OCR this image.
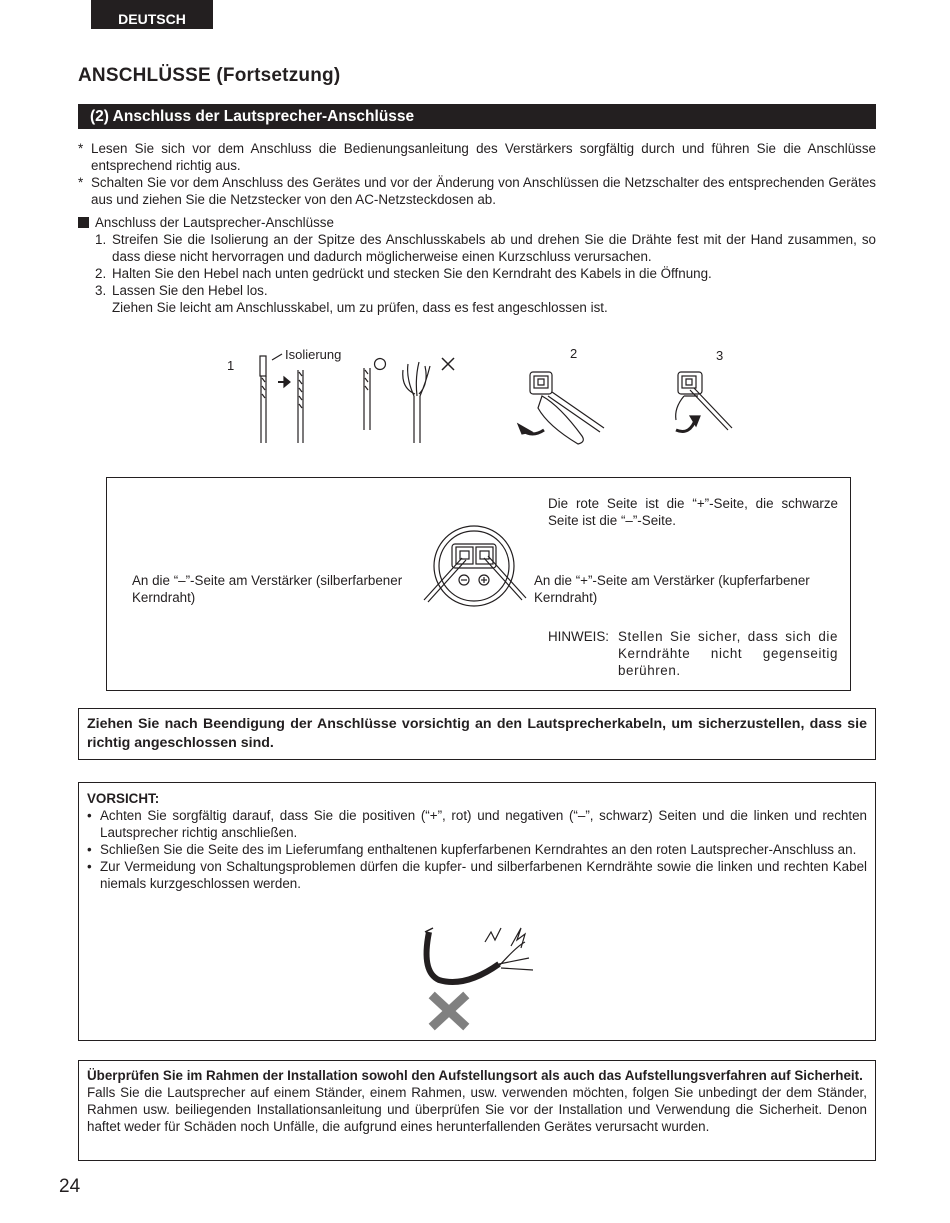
DEUTSCH
ANSCHLÜSSE (Fortsetzung)
(2) Anschluss der Lautsprecher-Anschlüsse
* Lesen Sie sich vor dem Anschluss die Bedienungsanleitung des Verstärkers sorgfältig durch und führen Sie die Anschlüsse entsprechend richtig aus.
* Schalten Sie vor dem Anschluss des Gerätes und vor der Änderung von Anschlüssen die Netzschalter des entsprechenden Gerätes aus und ziehen Sie die Netzstecker von den AC-Netzsteckdosen ab.
Anschluss der Lautsprecher-Anschlüsse
1. Streifen Sie die Isolierung an der Spitze des Anschlusskabels ab und drehen Sie die Drähte fest mit der Hand zusammen, so dass diese nicht hervorragen und dadurch möglicherweise einen Kurzschluss verursachen.
2. Halten Sie den Hebel nach unten gedrückt und stecken Sie den Kerndraht des Kabels in die Öffnung.
3. Lassen Sie den Hebel los.
Ziehen Sie leicht am Anschlusskabel, um zu prüfen, dass es fest angeschlossen ist.
1
Isolierung	2	3
Die rote Seite ist die “+”-Seite, die schwarze Seite ist die “–”-Seite.
An die “–”-Seite am Verstärker (silberfarbener Kerndraht)
An die “+”-Seite am Verstärker (kupferfarbener Kerndraht)
HINWEIS: Stellen Sie sicher, dass sich die Kerndrähte nicht gegenseitig berühren.
Ziehen Sie nach Beendigung der Anschlüsse vorsichtig an den Lautsprecherkabeln, um sicherzustellen, dass sie richtig angeschlossen sind.
VORSICHT:
• Achten Sie sorgfältig darauf, dass Sie die positiven (“+”, rot) und negativen (“–”, schwarz) Seiten und die linken und rechten Lautsprecher richtig anschließen.
• Schließen Sie die Seite des im Lieferumfang enthaltenen kupferfarbenen Kerndrahtes an den roten Lautsprecher-Anschluss an.
• Zur Vermeidung von Schaltungsproblemen dürfen die kupfer- und silberfarbenen Kerndrähte sowie die linken und rechten Kabel niemals kurzgeschlossen werden.
Überprüfen Sie im Rahmen der Installation sowohl den Aufstellungsort als auch das Aufstellungsverfahren auf Sicherheit.
Falls Sie die Lautsprecher auf einem Ständer, einem Rahmen, usw. verwenden möchten, folgen Sie unbedingt der dem Ständer, Rahmen usw. beiliegenden Installationsanleitung und überprüfen Sie vor der Installation und Verwendung die Sicherheit. Denon haftet weder für Schäden noch Unfälle, die aufgrund eines herunterfallenden Gerätes verursacht wurden.
24
